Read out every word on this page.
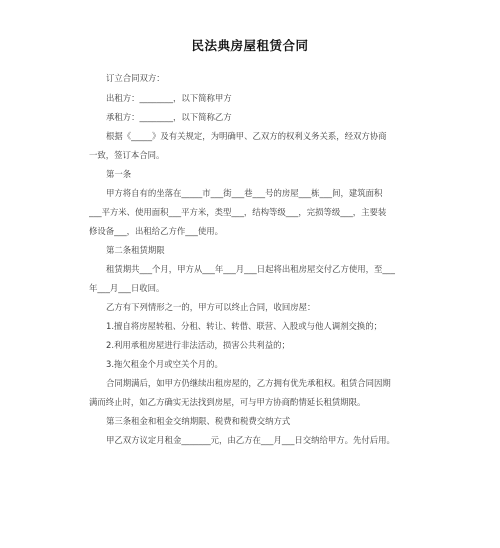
民法典房屋租赁合同
订立合同双方：
出租方：________，以下简称甲方
承租方：________，以下简称乙方
根据《_____》及有关规定，为明确甲、乙双方的权利义务关系，经双方协商
一致，签订本合同。
第一条
甲方将自有的坐落在_____市___街___巷___号的房屋___栋___间，建筑面积
___平方米、使用面积___平方米，类型___，结构等级___，完损等级___，主要装
修设备___，出租给乙方作___使用。
第二条租赁期限
租赁期共___个月，甲方从___年___月___日起将出租房屋交付乙方使用，至___
年___月___日收回。
乙方有下列情形之一的，甲方可以终止合同，收回房屋：
1.擅自将房屋转租、分租、转让、转借、联营、入股或与他人调剂交换的；
2.利用承租房屋进行非法活动，损害公共利益的；
3.拖欠租金个月或空关个月的。
合同期满后，如甲方仍继续出租房屋的，乙方拥有优先承租权。租赁合同因期
满而终止时，如乙方确实无法找到房屋，可与甲方协商酌情延长租赁期限。
第三条租金和租金交纳期限、税费和税费交纳方式
甲乙双方议定月租金_______元，由乙方在___月___日交纳给甲方。先付后用。
